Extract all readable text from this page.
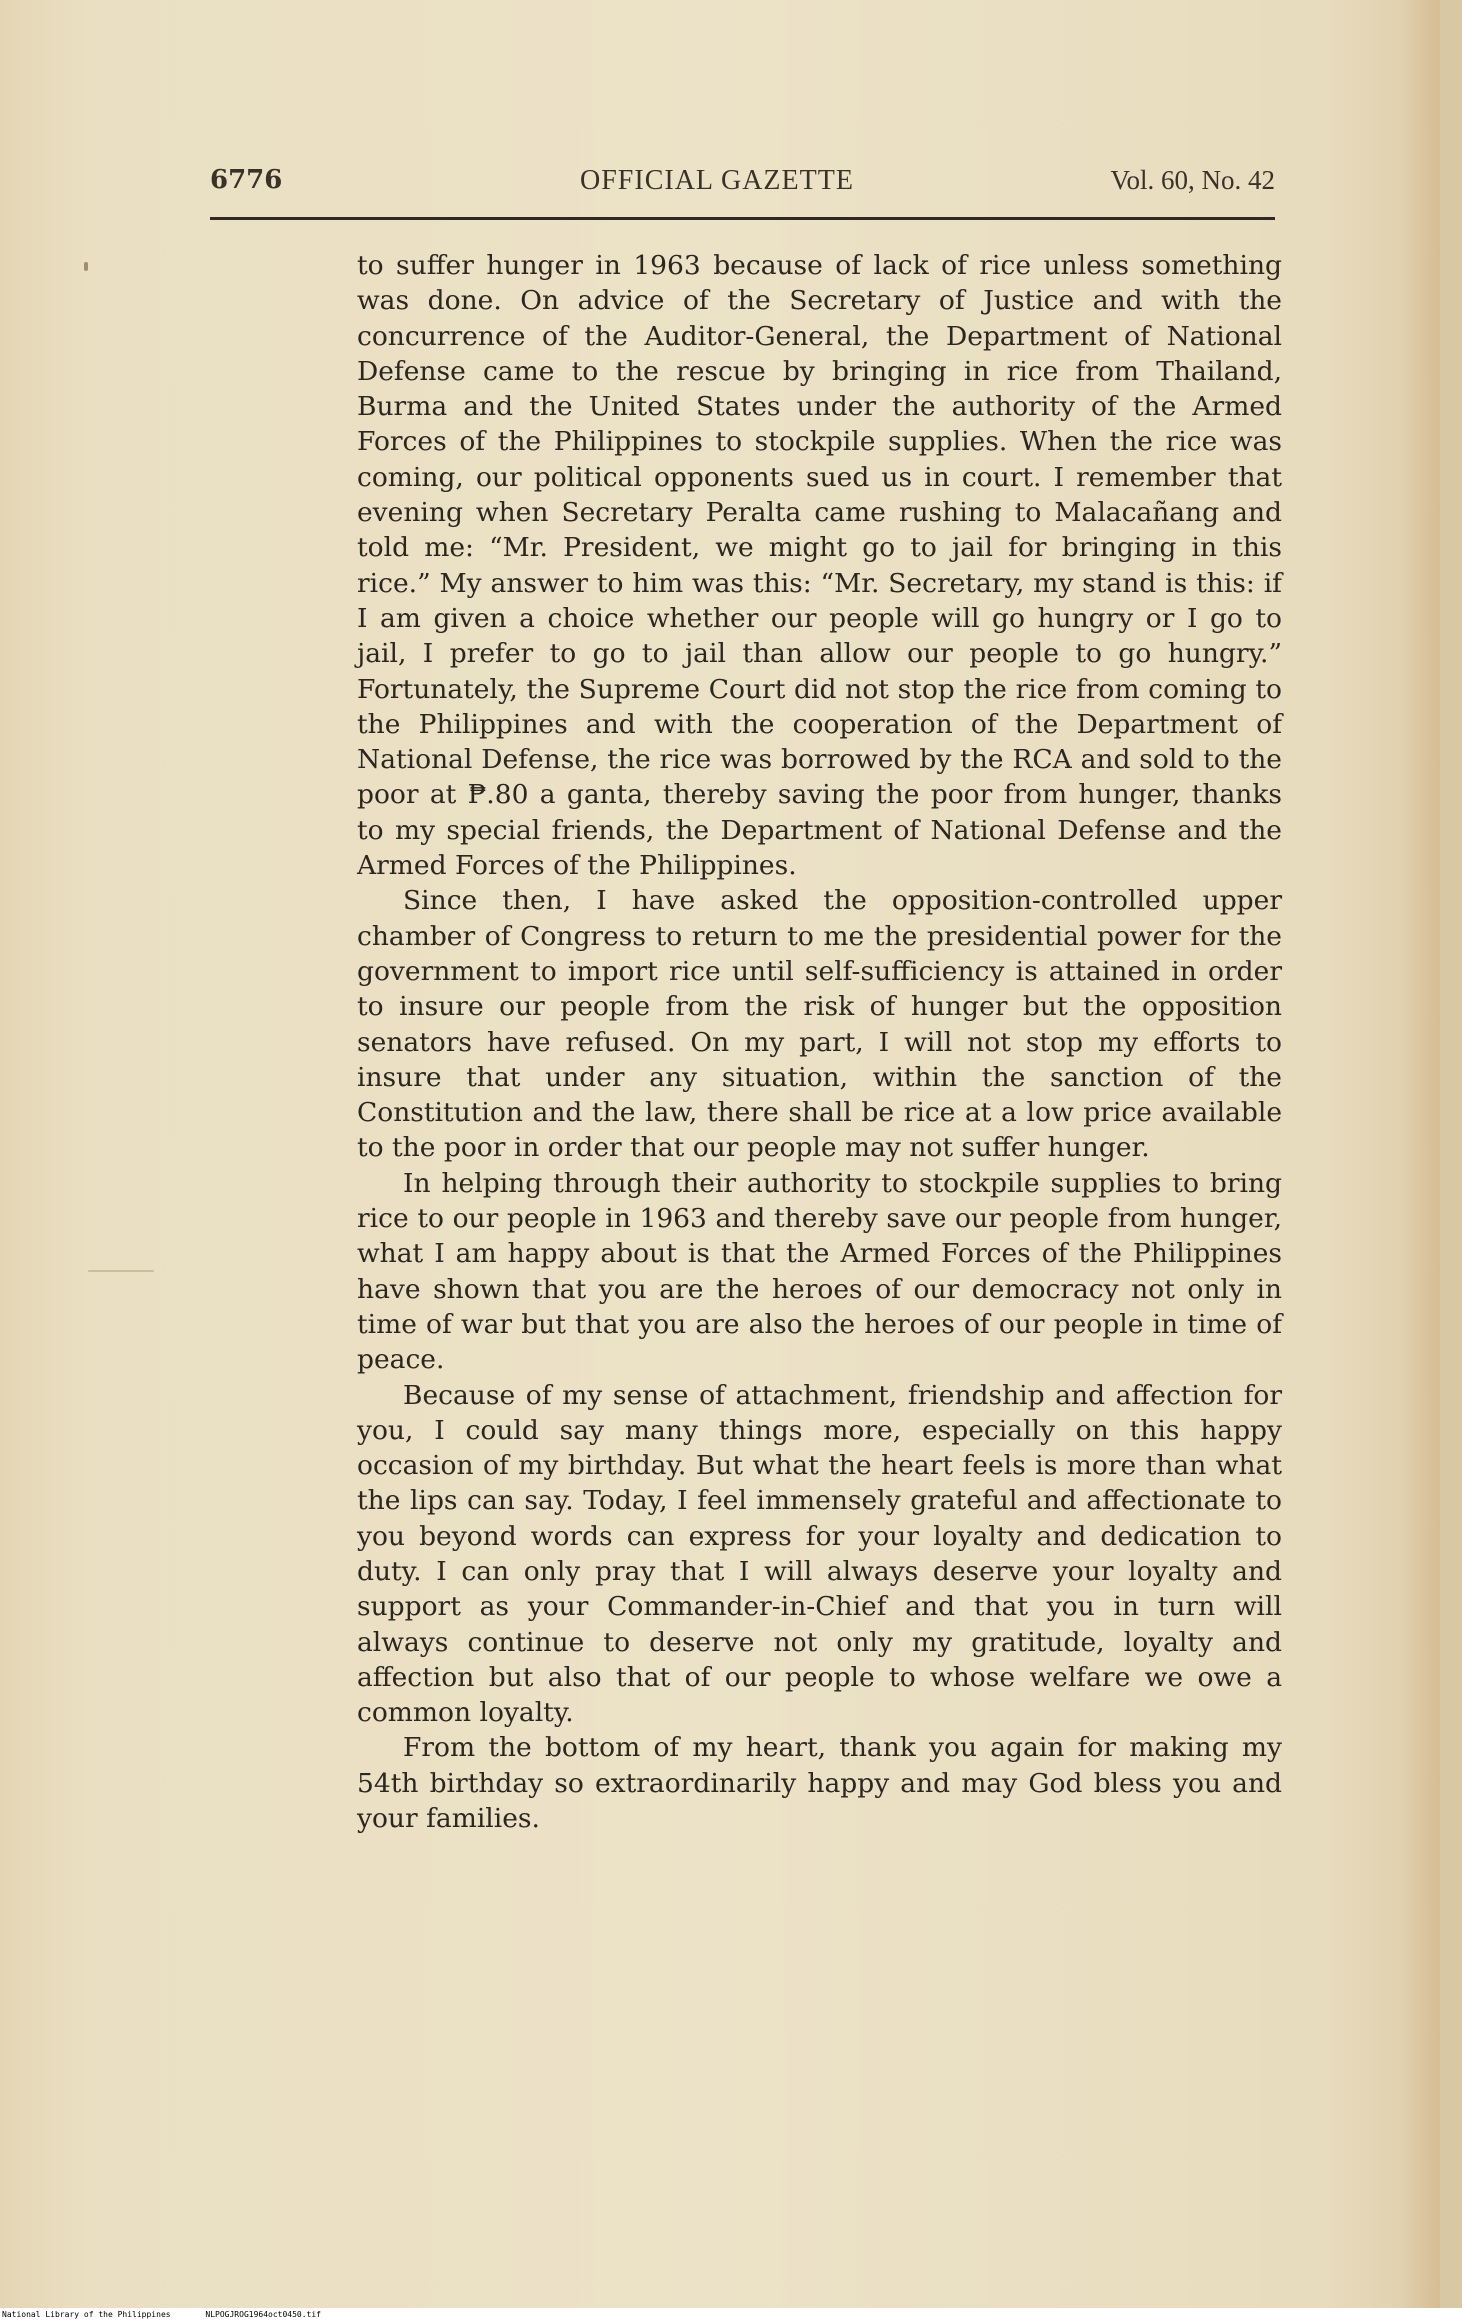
6776	OFFICIAL GAZETTE	Vol. 60, No. 42

to suffer hunger in 1963 because of lack of rice unless something was done. On advice of the Secretary of Justice and with the concurrence of the Auditor-General, the Department of National Defense came to the rescue by bringing in rice from Thailand, Burma and the United States under the authority of the Armed Forces of the Philippines to stockpile supplies. When the rice was coming, our political opponents sued us in court. I remember that evening when Secretary Peralta came rushing to Malacañang and told me: “Mr. President, we might go to jail for bringing in this rice.” My answer to him was this: “Mr. Secretary, my stand is this: if I am given a choice whether our people will go hungry or I go to jail, I prefer to go to jail than allow our people to go hungry.” Fortunately, the Supreme Court did not stop the rice from coming to the Philippines and with the cooperation of the Department of National Defense, the rice was borrowed by the RCA and sold to the poor at ₱.80 a ganta, thereby saving the poor from hunger, thanks to my special friends, the Department of National Defense and the Armed Forces of the Philippines.

Since then, I have asked the opposition-controlled upper chamber of Congress to return to me the presidential power for the government to import rice until self-sufficiency is attained in order to insure our people from the risk of hunger but the opposition senators have refused. On my part, I will not stop my efforts to insure that under any situation, within the sanction of the Constitution and the law, there shall be rice at a low price available to the poor in order that our people may not suffer hunger.

In helping through their authority to stockpile supplies to bring rice to our people in 1963 and thereby save our people from hunger, what I am happy about is that the Armed Forces of the Philippines have shown that you are the heroes of our democracy not only in time of war but that you are also the heroes of our people in time of peace.

Because of my sense of attachment, friendship and affection for you, I could say many things more, especially on this happy occasion of my birthday. But what the heart feels is more than what the lips can say. Today, I feel immensely grateful and affectionate to you beyond words can express for your loyalty and dedication to duty. I can only pray that I will always deserve your loyalty and support as your Commander-in-Chief and that you in turn will always continue to deserve not only my gratitude, loyalty and affection but also that of our people to whose welfare we owe a common loyalty.

From the bottom of my heart, thank you again for making my 54th birthday so extraordinarily happy and may God bless you and your families.

National Library of the Philippines	NLPOGJROG1964oct0450.tif
